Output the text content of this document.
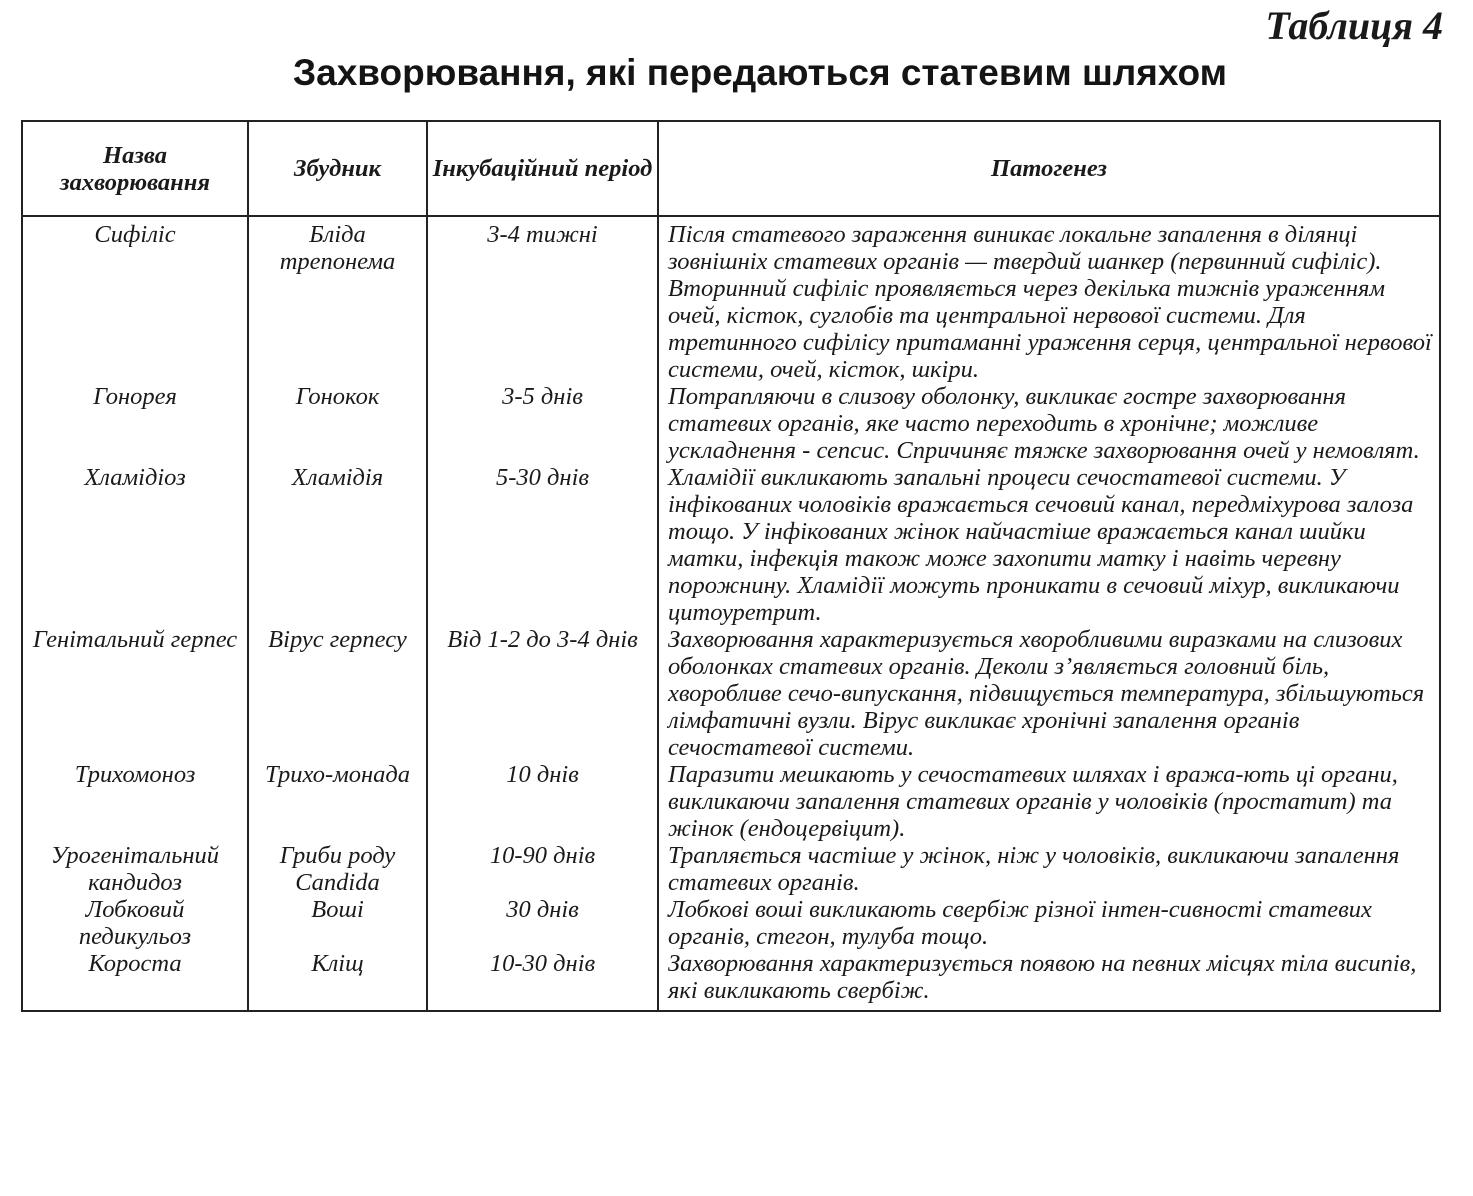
Таблиця 4
Захворювання, які передаються статевим шляхом
Назва захворювання	Збудник	Інкубаційний період	Патогенез
Сифіліс	Бліда трепонема	3-4 тижні	Після статевого зараження виникає локальне запалення в ділянці зовнішніх статевих органів — твердий шанкер (первинний сифіліс). Вторинний сифіліс проявляється через декілька тижнів ураженням очей, кісток, суглобів та центральної нервової системи. Для третинного сифілісу притаманні ураження серця, центральної нервової системи, очей, кісток, шкіри.
Гонорея	Гонокок	3-5 днів	Потрапляючи в слизову оболонку, викликає гостре захворювання статевих органів, яке часто переходить в хронічне; можливе ускладнення - сепсис. Спричиняє тяжке захворювання очей у немовлят.
Хламідіоз	Хламідія	5-30 днів	Хламідії викликають запальні процеси сечостатевої системи. У інфікованих чоловіків вражається сечовий канал, передміхурова залоза тощо. У інфікованих жінок найчастіше вражається канал шийки матки, інфекція також може захопити матку і навіть черевну порожнину. Хламідії можуть проникати в сечовий міхур, викликаючи цитоуретрит.
Генітальний герпес	Вірус герпесу	Від 1-2 до 3-4 днів	Захворювання характеризується хворобливими виразками на слизових оболонках статевих органів. Деколи з’являється головний біль, хворобливе сечо-випускання, підвищується температура, збільшуються лімфатичні вузли. Вірус викликає хронічні запалення органів сечостатевої системи.
Трихомоноз	Трихо-монада	10 днів	Паразити мешкають у сечостатевих шляхах і вража-ють ці органи, викликаючи запалення статевих органів у чоловіків (простатит) та жінок (ендоцервіцит).
Урогенітальний кандидоз	Гриби роду Candida	10-90 днів	Трапляється частіше у жінок, ніж у чоловіків, викликаючи запалення статевих органів.
Лобковий педикульоз	Воші	30 днів	Лобкові воші викликають свербіж різної інтен-сивності статевих органів, стегон, тулуба тощо.
Короста	Кліщ	10-30 днів	Захворювання характеризується появою на певних місцях тіла висипів, які викликають свербіж.
